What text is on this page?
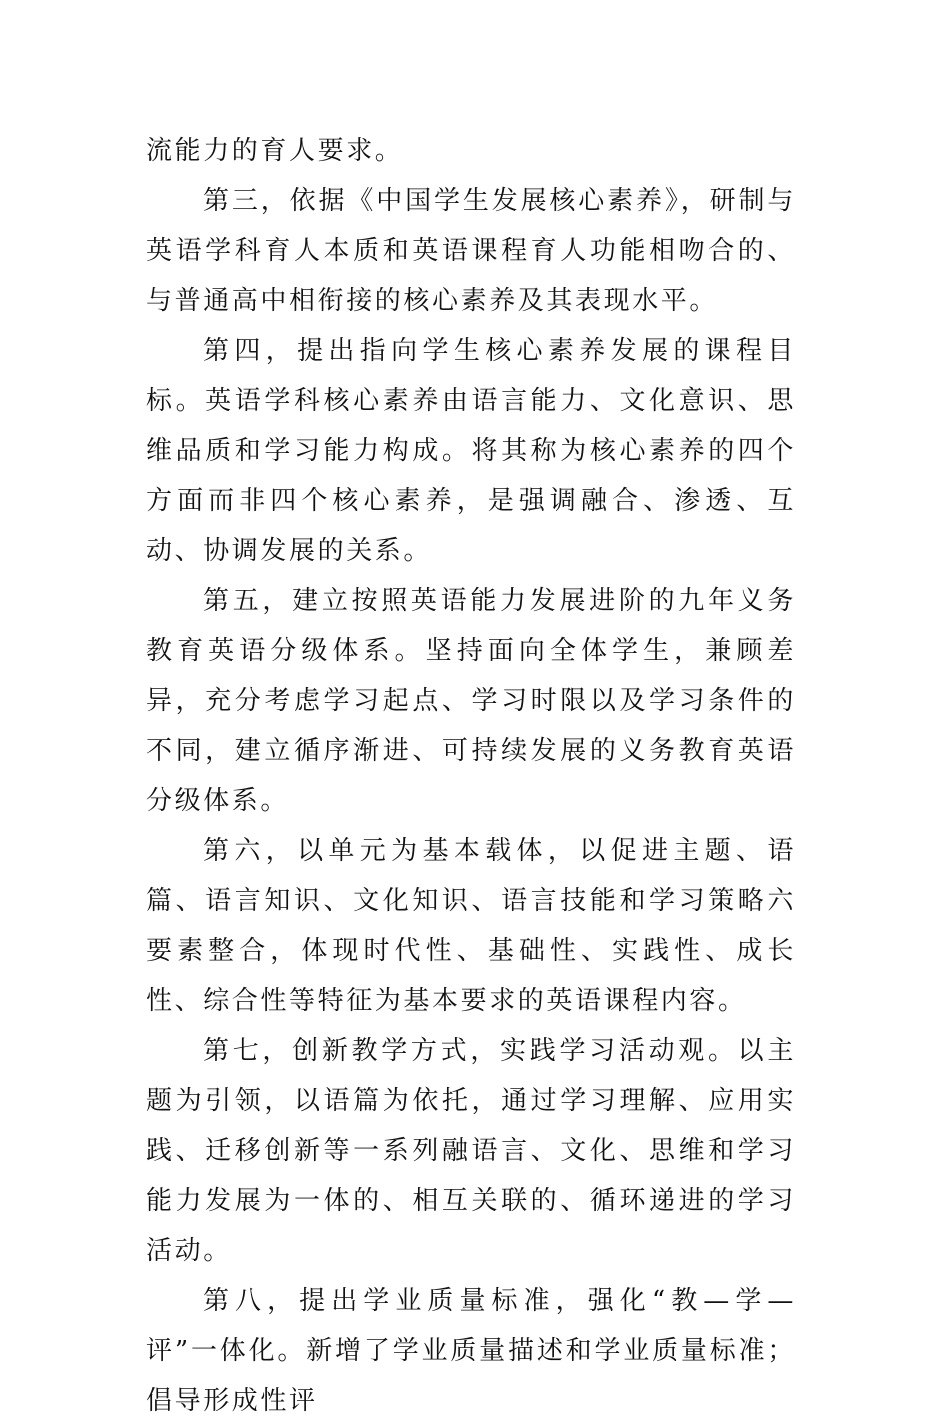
流能力的育人要求。

第三，依据《中国学生发展核心素养》，研制与英语学科育人本质和英语课程育人功能相吻合的、与普通高中相衔接的核心素养及其表现水平。

第四，提出指向学生核心素养发展的课程目标。英语学科核心素养由语言能力、文化意识、思维品质和学习能力构成。将其称为核心素养的四个方面而非四个核心素养，是强调融合、渗透、互动、协调发展的关系。

第五，建立按照英语能力发展进阶的九年义务教育英语分级体系。坚持面向全体学生，兼顾差异，充分考虑学习起点、学习时限以及学习条件的不同，建立循序渐进、可持续发展的义务教育英语分级体系。

第六，以单元为基本载体，以促进主题、语篇、语言知识、文化知识、语言技能和学习策略六要素整合，体现时代性、基础性、实践性、成长性、综合性等特征为基本要求的英语课程内容。

第七，创新教学方式，实践学习活动观。以主题为引领，以语篇为依托，通过学习理解、应用实践、迁移创新等一系列融语言、文化、思维和学习能力发展为一体的、相互关联的、循环递进的学习活动。

第八，提出学业质量标准，强化“教—学—评”一体化。新增了学业质量描述和学业质量标准；倡导形成性评
